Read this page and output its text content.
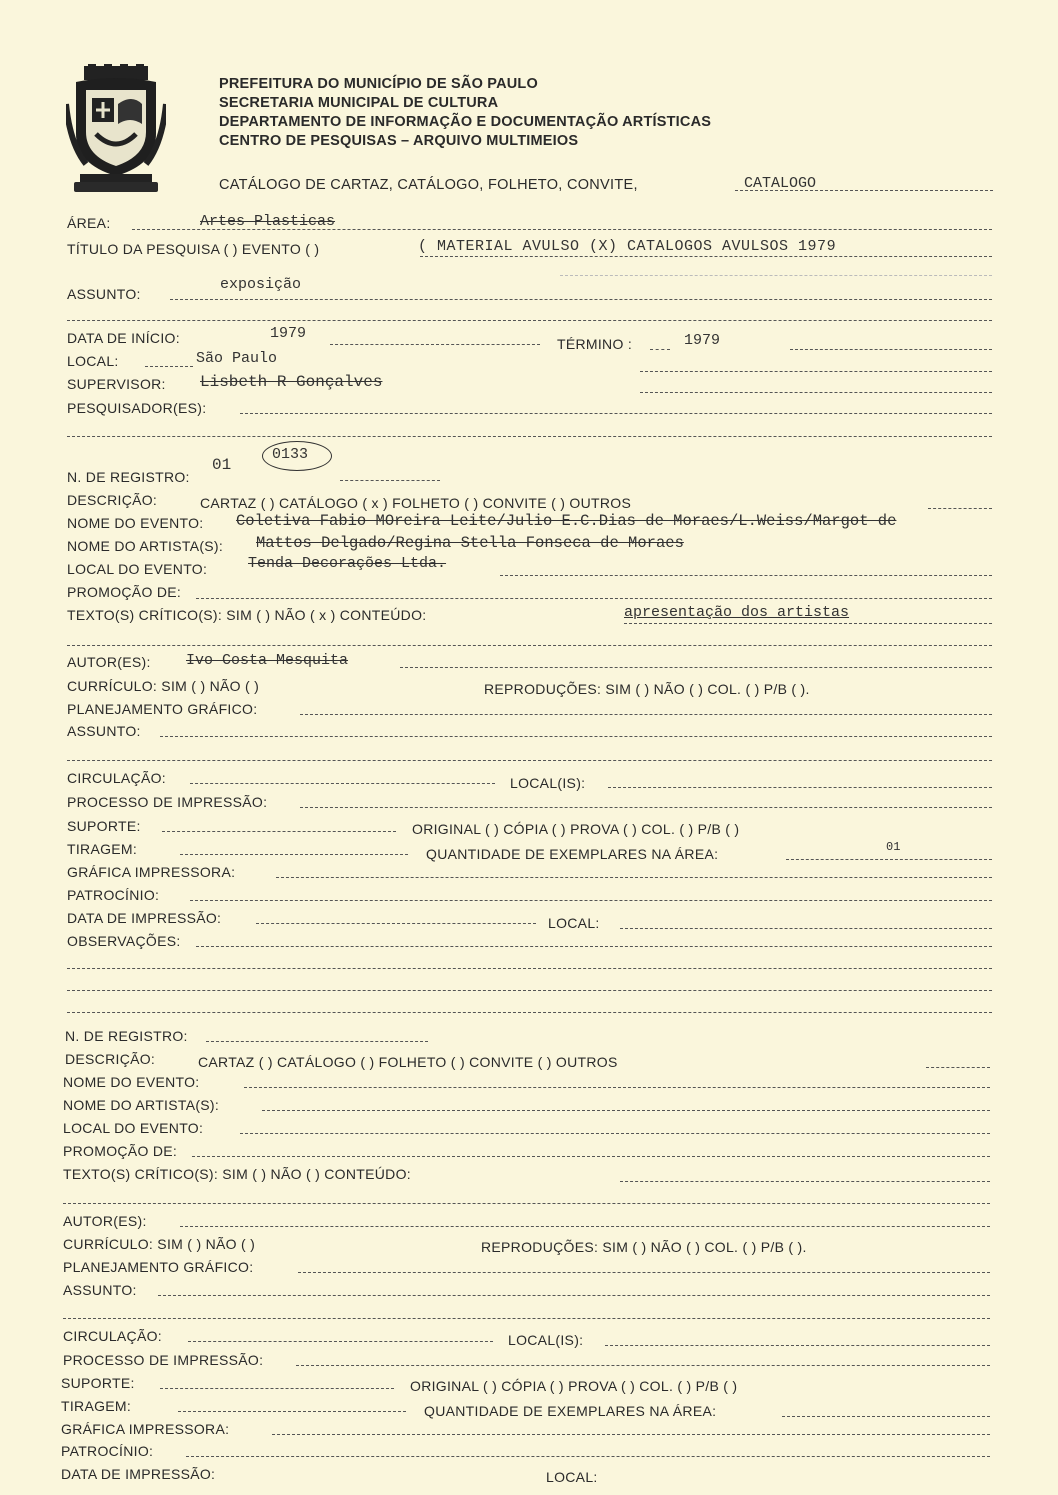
PREFEITURA DO MUNICÍPIO DE SÃO PAULO
SECRETARIA MUNICIPAL DE CULTURA
DEPARTAMENTO DE INFORMAÇÃO E DOCUMENTAÇÃO ARTÍSTICAS
CENTRO DE PESQUISAS – ARQUIVO MULTIMEIOS
CATÁLOGO DE CARTAZ, CATÁLOGO, FOLHETO, CONVITE,	CATALOGO
ÁREA:	Artes Plasticas
TÍTULO DA PESQUISA ( ) EVENTO ( )	( MATERIAL AVULSO (X) CATALOGOS AVULSOS 1979
ASSUNTO:
exposição
DATA DE INÍCIO:	1979
TÉRMINO :	1979
LOCAL:	São Paulo
SUPERVISOR: Lisbeth R Gonçalves
PESQUISADOR(ES):
N. DE REGISTRO:
01
0133
DESCRIÇÃO:	CARTAZ ( ) CATÁLOGO ( x ) FOLHETO ( ) CONVITE ( ) OUTROS
NOME DO EVENTO: Coletiva Fabio MOreira Leite/Julio E.C.Dias de Moraes/L.Weiss/Margot de
NOME DO ARTISTA(S): Mattos Delgado/Regina Stella Fonseca de Moraes
LOCAL DO EVENTO:	Tenda Decorações Ltda.
PROMOÇÃO DE:
TEXTO(S) CRÍTICO(S): SIM ( ) NÃO ( x ) CONTEÚDO:	apresentação dos artistas
AUTOR(ES): Ivo Costa Mesquita
CURRÍCULO: SIM ( ) NÃO ( )	REPRODUÇÕES: SIM ( ) NÃO ( ) COL. ( ) P/B ( ).
PLANEJAMENTO GRÁFICO:
ASSUNTO:
CIRCULAÇÃO:	LOCAL(IS):
PROCESSO DE IMPRESSÃO:
SUPORTE:	ORIGINAL ( ) CÓPIA ( ) PROVA ( ) COL. ( ) P/B ( )
TIRAGEM:	QUANTIDADE DE EXEMPLARES NA ÁREA:	01
GRÁFICA IMPRESSORA:
PATROCÍNIO:
DATA DE IMPRESSÃO:	LOCAL:
OBSERVAÇÕES:
N. DE REGISTRO:
DESCRIÇÃO:	CARTAZ ( ) CATÁLOGO ( ) FOLHETO ( ) CONVITE ( ) OUTROS
NOME DO EVENTO:
NOME DO ARTISTA(S):
LOCAL DO EVENTO:
PROMOÇÃO DE:
TEXTO(S) CRÍTICO(S): SIM ( ) NÃO ( ) CONTEÚDO:
AUTOR(ES):
CURRÍCULO: SIM ( ) NÃO ( )	REPRODUÇÕES: SIM ( ) NÃO ( ) COL. ( ) P/B ( ).
PLANEJAMENTO GRÁFICO:
ASSUNTO:
CIRCULAÇÃO:	LOCAL(IS):
PROCESSO DE IMPRESSÃO:
SUPORTE:	ORIGINAL ( ) CÓPIA ( ) PROVA ( ) COL. ( ) P/B ( )
TIRAGEM:	QUANTIDADE DE EXEMPLARES NA ÁREA:
GRÁFICA IMPRESSORA:
PATROCÍNIO:
DATA DE IMPRESSÃO:	LOCAL:
